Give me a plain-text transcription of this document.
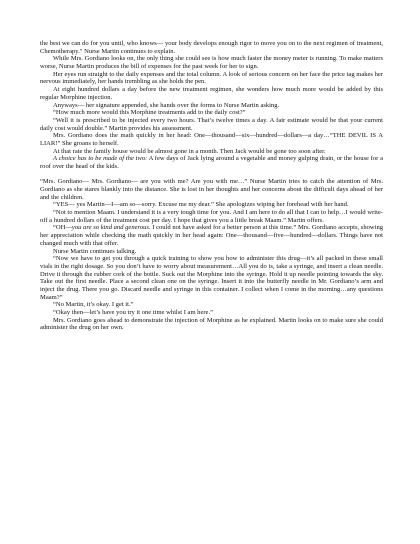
the best we can do for you until, who knows— your body develops enough rigor to move you on to the next regimen of treatment, Chemotherapy." Nurse Martin continues to explain.

While Mrs. Gordiano looks on, the only thing she could see is how much faster the money meter is running. To make matters worse, Nurse Martin produces the bill of expenses for the past week for her to sign.

Her eyes run straight to the daily expenses and the total column. A look of serious concern on her face the price tag makes her nervous immediately, her hands trembling as she holds the pen.

At eight hundred dollars a day before the new treatment regimen, she wonders how much more would be added by this regular Morphine injection.

Anyways— her signature appended, she hands over the forms to Nurse Martin asking.

“How much more would this Morphine treatments add to the daily cost?”

“Well it is prescribed to be injected every two hours. That’s twelve times a day. A fair estimate would be that your current daily cost would double.” Martin provides his assessment.

Mrs. Gordiano does the math quickly in her head: One—thousand—six—hundred—dollars—a day…“THE DEVIL IS A LIAR!” She groans to herself.

At that rate the family house would be almost gone in a month. Then Jack would be gone too soon after.

A choice has to be made of the two: A few days of Jack lying around a vegetable and money gulping drain, or the house for a roof over the head of the kids.

“Mrs. Gordiano— Mrs. Gordiano— are you with me? Are you with me…” Nurse Martin tries to catch the attention of Mrs. Gordiano as she stares blankly into the distance. She is lost in her thoughts and her concerns about the difficult days ahead of her and the children.

“YES— yes Martin—I—am so—sorry. Excuse me my dear.” She apologizes wiping her forehead with her hand.

“Not to mention Maam. I understand it is a very tough time for you. And I am here to do all that I can to help…I would write-off a hundred dollars of the treatment cost per day. I hope that gives you a little break Maam.” Martin offers.

“OH—you are so kind and generous. I could not have asked for a better person at this time.” Mrs. Gordiano accepts, showing her appreciation while checking the math quickly in her head again: One—thousand—five—hundred—dollars. Things have not changed much with that offer.

Nurse Martin continues talking.

“Now we have to get you through a quick training to show you how to administer this drug—it’s all packed in these small vials in the right dosage. So you don’t have to worry about measurement…All you do is, take a syringe, and insert a clean needle. Drive it through the rubber cork of the bottle. Suck out the Morphine into the syringe. Hold it up needle pointing towards the sky. Take out the first needle. Place a second clean one on the syringe. Insert it into the butterfly needle in Mr. Gordiano’s arm and inject the drug. There you go. Discard needle and syringe in this container. I collect when I come in the morning…any questions Maam?”

“No Martin, it’s okay. I get it.”

“Okay then—let’s have you try it one time whilst I am here.”

Mrs. Gordiano goes ahead to demonstrate the injection of Morphine as he explained. Martin looks on to make sure she could administer the drug on her own.
